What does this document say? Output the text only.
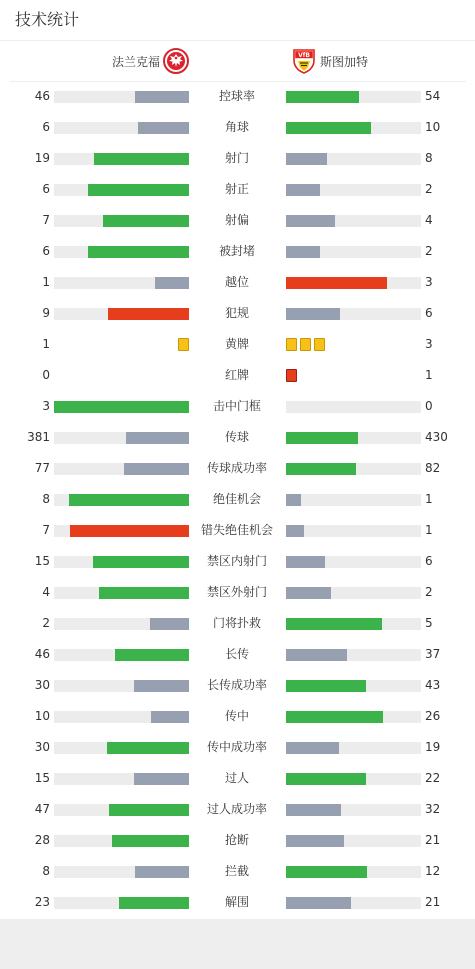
技术统计
法兰克福	VfB 斯图加特
46	控球率	54
6	角球	10
19	射门	8
6	射正	2
7	射偏	4
6	被封堵	2
1	越位	3
9	犯规	6
1	黄牌	3
0	红牌	1
3	击中门框	0
381	传球	430
77	传球成功率	82
8	绝佳机会	1
7	错失绝佳机会	1
15	禁区内射门	6
4	禁区外射门	2
2	门将扑救	5
46	长传	37
30	长传成功率	43
10	传中	26
30	传中成功率	19
15	过人	22
47	过人成功率	32
28	抢断	21
8	拦截	12
23	解围	21
